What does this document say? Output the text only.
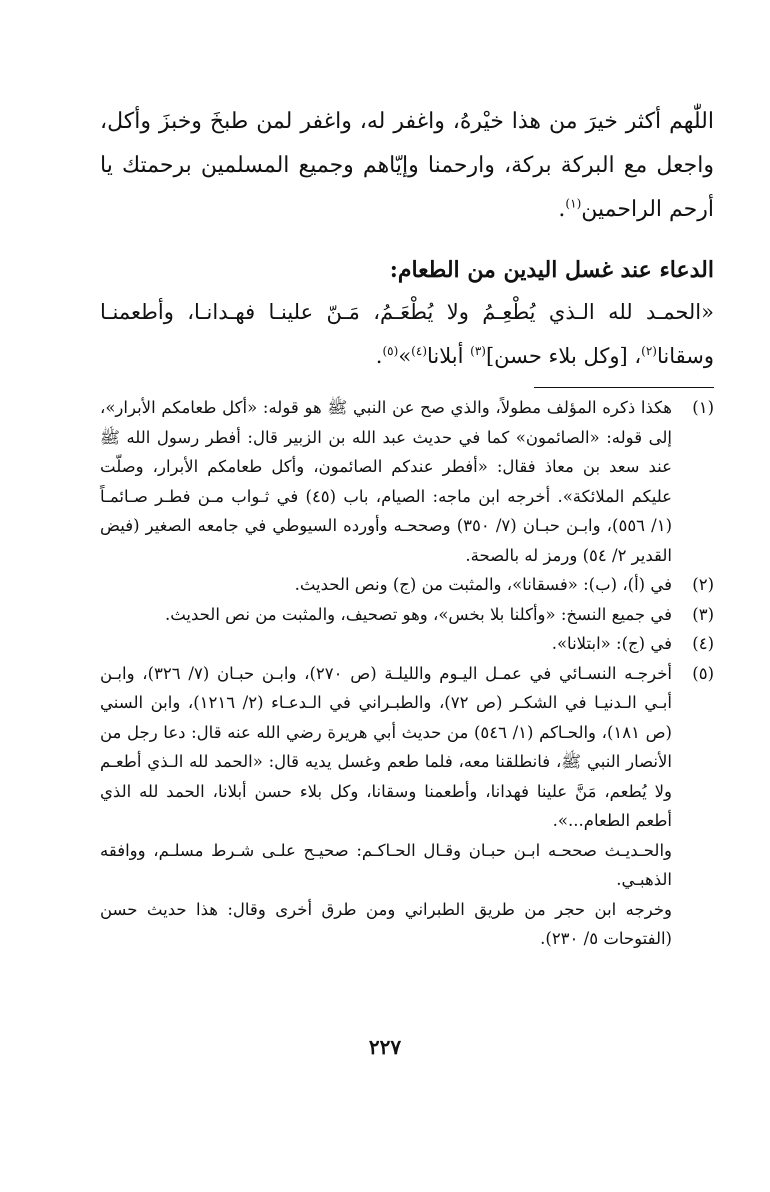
اللّٰهم أكثر خيرَ من هذا خيْرهُ، واغفر له، واغفر لمن طبخَ وخبزَ وأكل، واجعل مع البركة بركة، وارحمنا وإيّاهم وجميع المسلمين برحمتك يا أرحم الراحمين$^{(١)}$.

الدعاء عند غسل اليدين من الطعام:
«الحمـد لله الـذي يُطْعِـمُ ولا يُطْعَـمُ، مَـنّ علينـا فهـدانـا، وأطعمنـا وسقانا$^{(٢)}$، [وكل بلاء حسن]$^{(٣)}$ أبلانا$^{(٤)}$»$^{(٥)}$.
(١)

هكذا ذكره المؤلف مطولاً، والذي صح عن النبي ﷺ هو قوله: «أكل طعامكم الأبرار»، إلى قوله: «الصائمون» كما في حديث عبد الله بن الزبير قال: أفطر رسول الله ﷺ عند سعد بن معاذ فقال: «أفطر عندكم الصائمون، وأكل طعامكم الأبرار، وصلّت عليكم الملائكة». أخرجه ابن ماجه: الصيام، باب (٤٥) في ثـواب مـن فطـر صـائمـاً (١/ ٥٥٦)، وابـن حبـان (٧/ ٣٥٠) وصححـه وأورده السيوطي في جامعه الصغير (فيض القدير ٢/ ٥٤) ورمز له بالصحة.

(٢)

في (أ)، (ب): «فسقانا»، والمثبت من (ج) ونص الحديث.

(٣)

في جميع النسخ: «وأكلنا بلا بخس»، وهو تصحيف، والمثبت من نص الحديث.

(٤)

في (ج): «ابتلانا».

(٥)

أخرجـه النسـائي في عمـل اليـوم والليلـة (ص ٢٧٠)، وابـن حبـان (٧/ ٣٢٦)، وابـن أبـي الـدنيـا في الشكـر (ص ٧٢)، والطبـراني في الـدعـاء (٢/ ١٢١٦)، وابن السني (ص ١٨١)، والحـاكم (١/ ٥٤٦) من حديث أبي هريرة رضي الله عنه قال: دعا رجل من الأنصار النبي ﷺ، فانطلقنا معه، فلما طعم وغسل يديه قال: «الحمد لله الـذي أطعـم ولا يُطعم، مَنَّ علينا فهدانا، وأطعمنا وسقانا، وكل بلاء حسن أبلانا، الحمد لله الذي أطعم الطعام...».

والحـديـث صححـه ابـن حبـان وقـال الحـاكـم: صحيـح علـى شـرط مسلـم، ووافقه الذهبـي.

وخرجه ابن حجر من طريق الطبراني ومن طرق أخرى وقال: هذا حديث حسن (الفتوحات ٥/ ٢٣٠).

٢٢٧
